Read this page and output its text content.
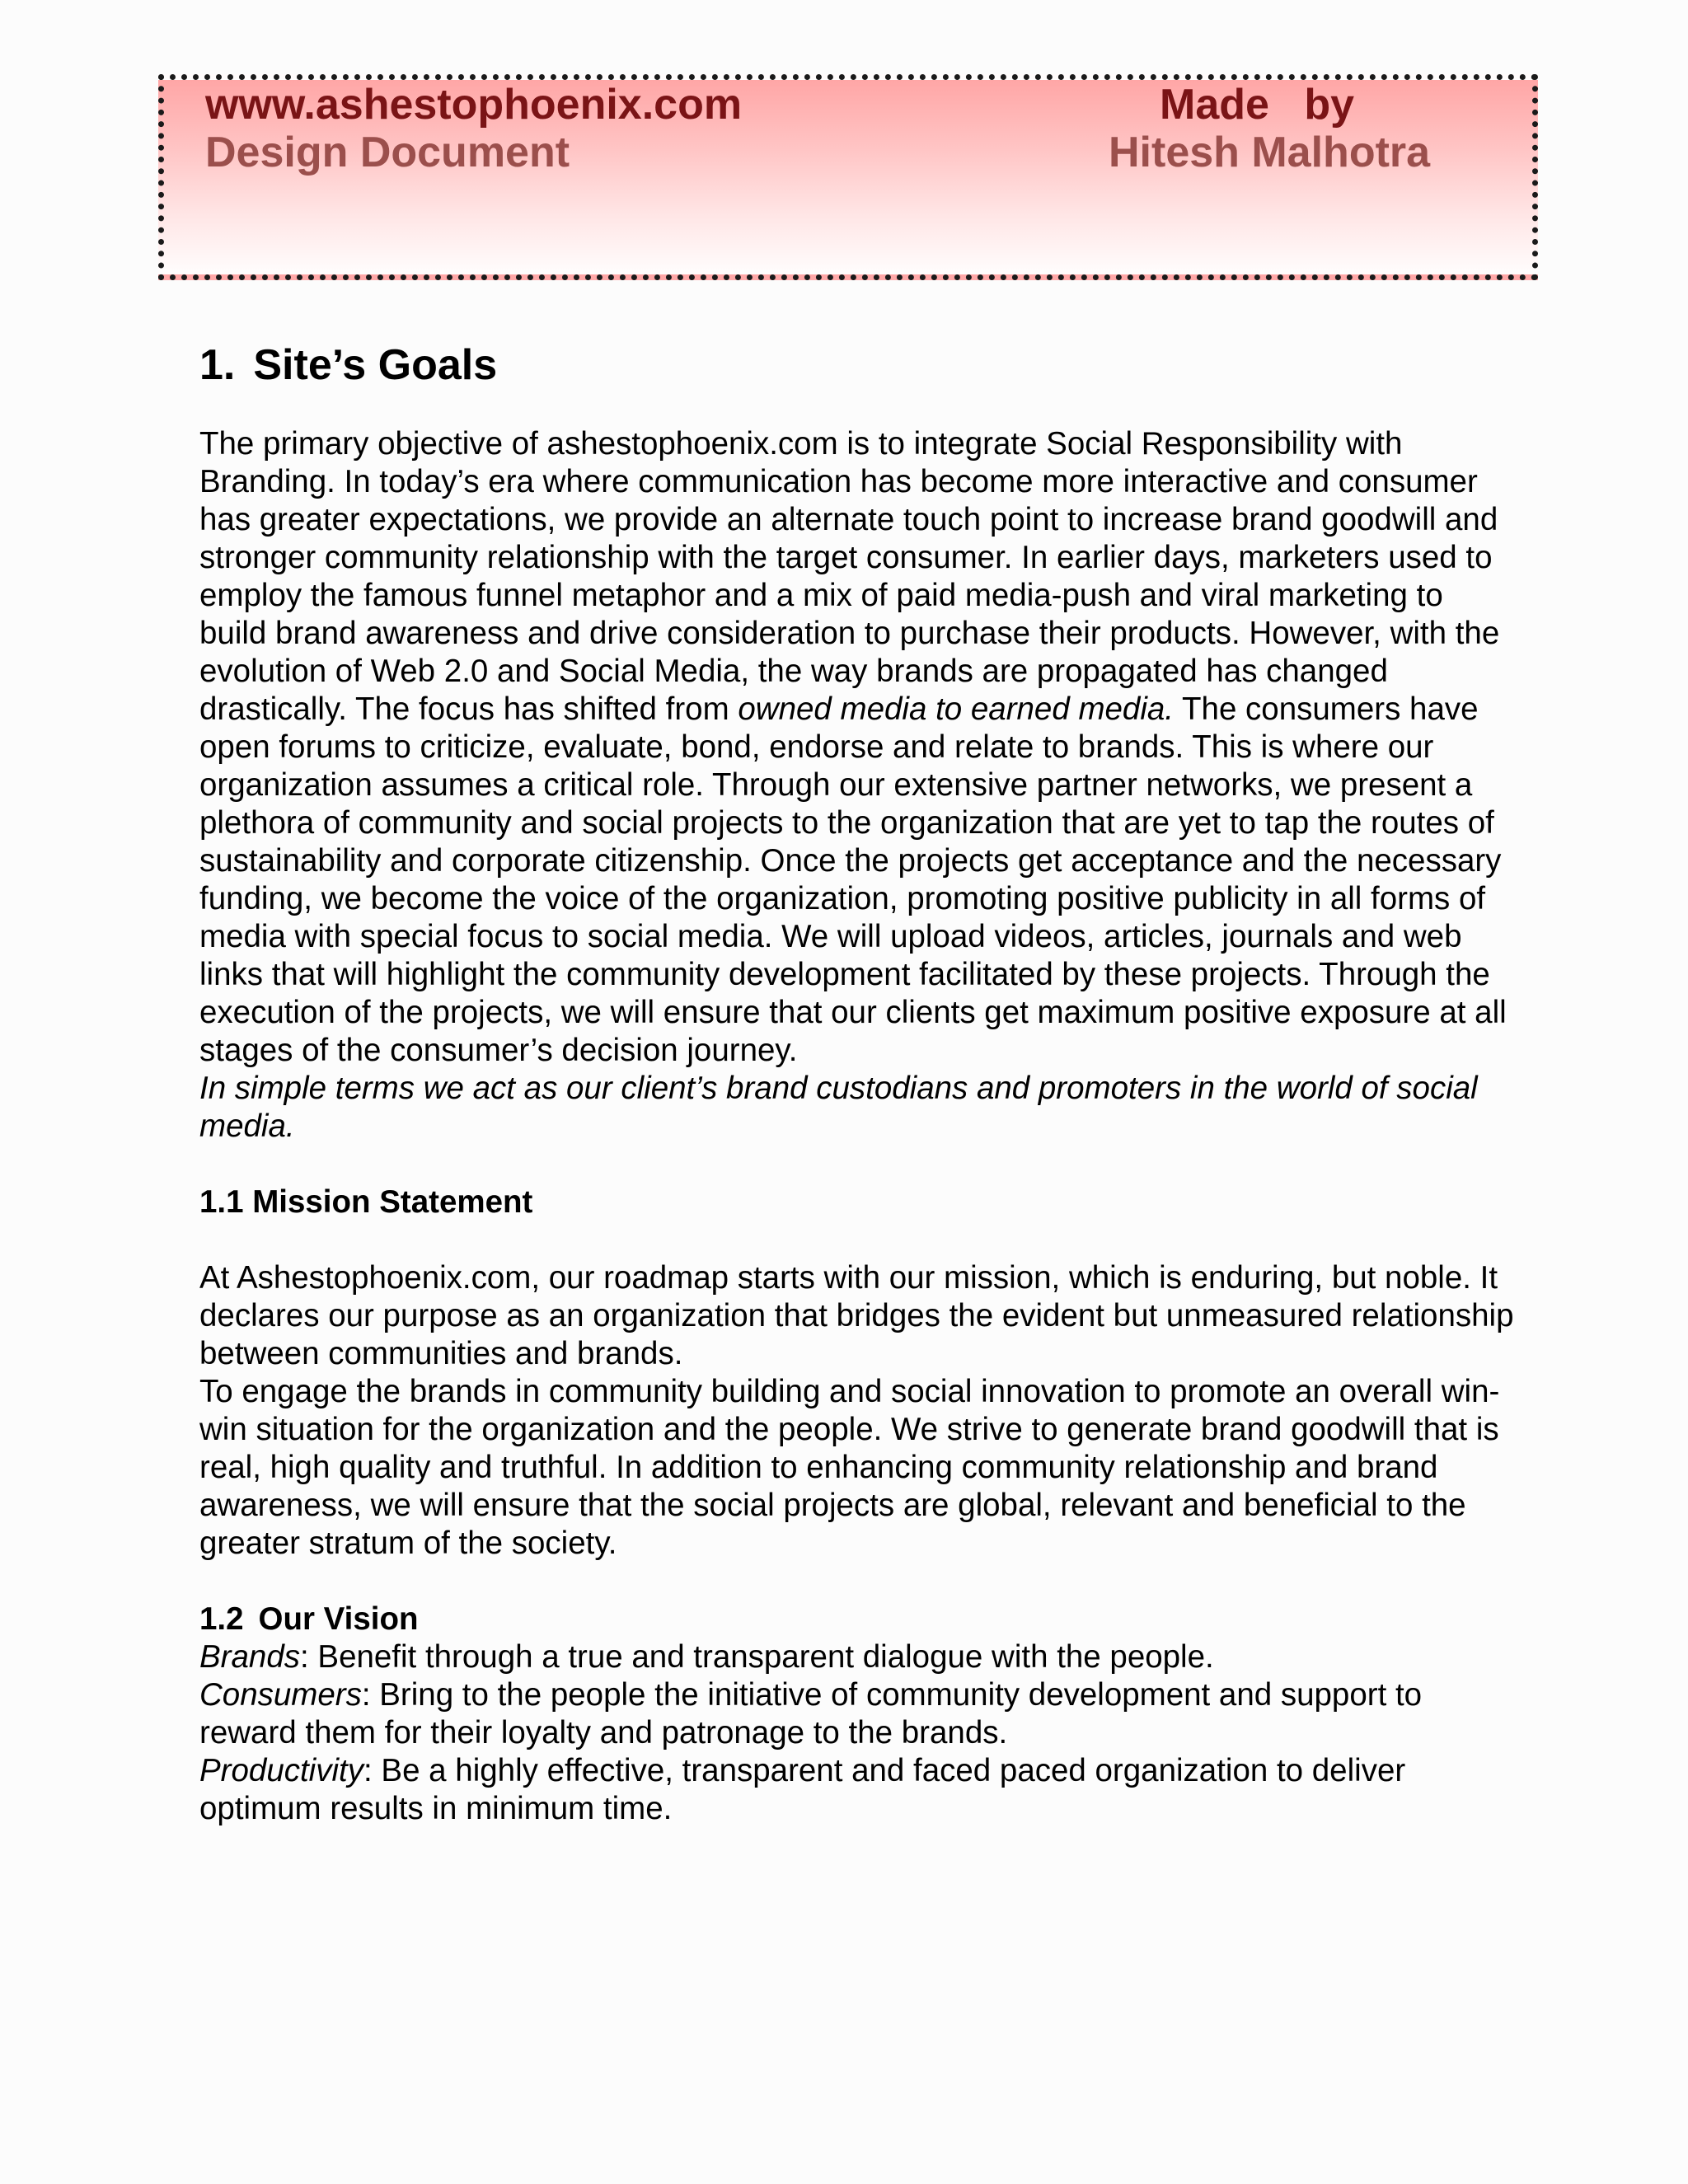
www.ashestophoenix.com	Made by
Design Document	Hitesh Malhotra
1. Site’s Goals

The primary objective of ashestophoenix.com is to integrate Social Responsibility with Branding. In today’s era where communication has become more interactive and consumer has greater expectations, we provide an alternate touch point to increase brand goodwill and stronger community relationship with the target consumer. In earlier days, marketers used to employ the famous funnel metaphor and a mix of paid media-push and viral marketing to build brand awareness and drive consideration to purchase their products. However, with the evolution of Web 2.0 and Social Media, the way brands are propagated has changed drastically. The focus has shifted from owned media to earned media. The consumers have open forums to criticize, evaluate, bond, endorse and relate to brands. This is where our organization assumes a critical role. Through our extensive partner networks, we present a plethora of community and social projects to the organization that are yet to tap the routes of sustainability and corporate citizenship. Once the projects get acceptance and the necessary funding, we become the voice of the organization, promoting positive publicity in all forms of media with special focus to social media. We will upload videos, articles, journals and web links that will highlight the community development facilitated by these projects. Through the execution of the projects, we will ensure that our clients get maximum positive exposure at all stages of the consumer’s decision journey.

In simple terms we act as our client’s brand custodians and promoters in the world of social media.

1.1 Mission Statement

At Ashestophoenix.com, our roadmap starts with our mission, which is enduring, but noble. It declares our purpose as an organization that bridges the evident but unmeasured relationship between communities and brands.

To engage the brands in community building and social innovation to promote an overall win-win situation for the organization and the people. We strive to generate brand goodwill that is real, high quality and truthful. In addition to enhancing community relationship and brand awareness, we will ensure that the social projects are global, relevant and beneficial to the greater stratum of the society.

1.2 Our Vision

Brands: Benefit through a true and transparent dialogue with the people.

Consumers: Bring to the people the initiative of community development and support to reward them for their loyalty and patronage to the brands.

Productivity: Be a highly effective, transparent and faced paced organization to deliver optimum results in minimum time.
